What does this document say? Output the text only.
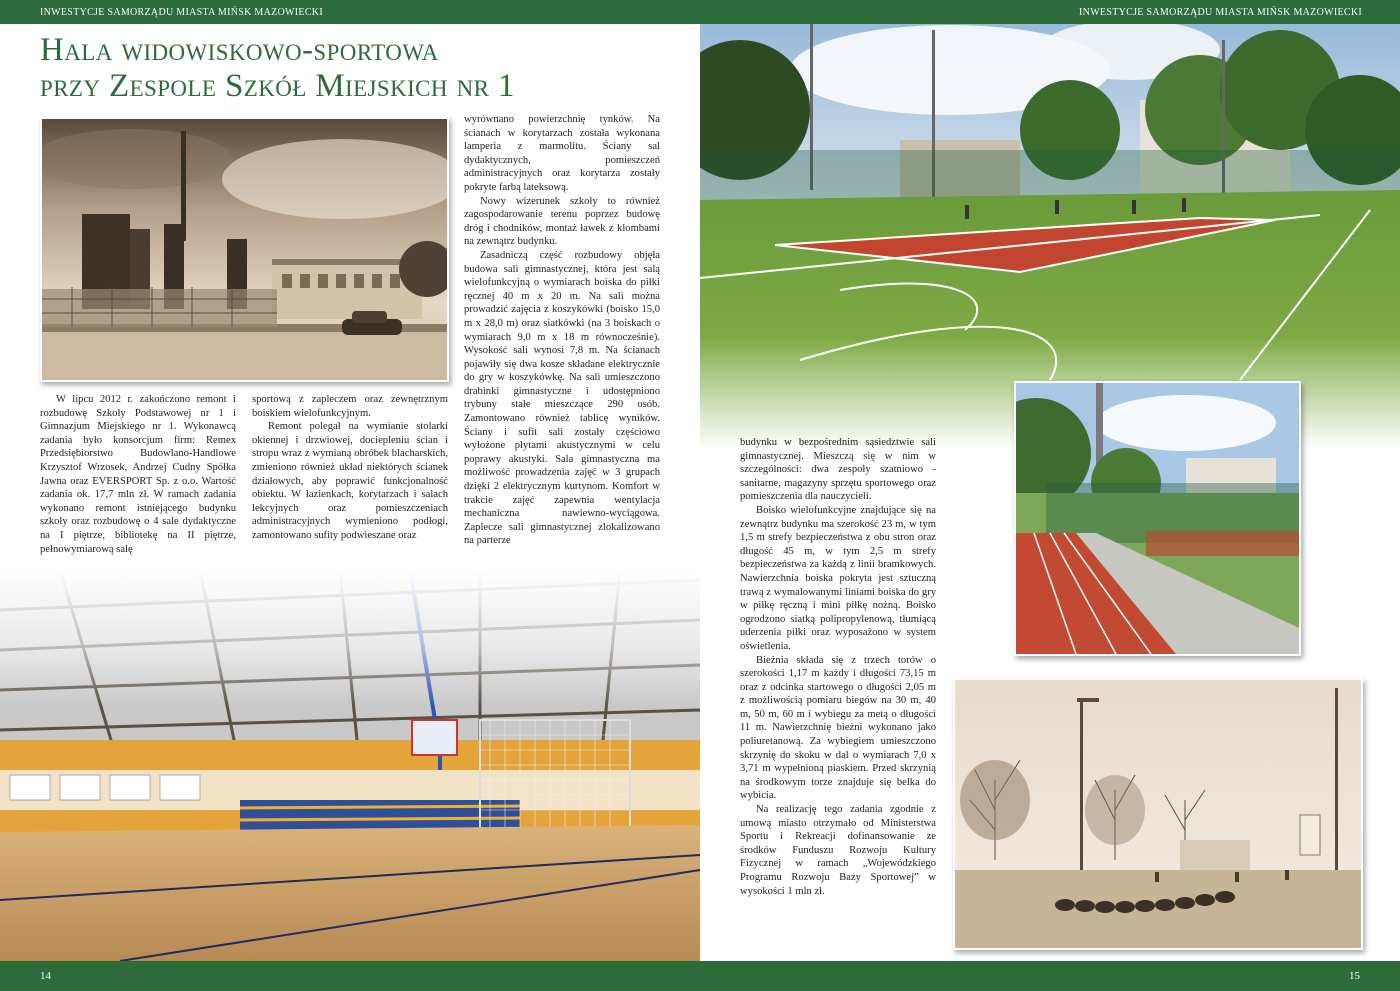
INWESTYCJE SAMORZĄDU MIASTA MIŃSK MAZOWIECKI
Hala widowiskowo-sportowa
przy Zespole Szkół Miejskich nr 1

W lipcu 2012 r. zakończono remont i rozbudowę Szkoły Podstawowej nr 1 i Gimnazjum Miejskiego nr 1. Wykonawcą zadania było konsorcjum firm: Remex Przedsiębiorstwo Budowlano-Handlowe Krzysztof Wrzosek, Andrzej Cudny Spółka Jawna oraz EVERSPORT Sp. z o.o. Wartość zadania ok. 17,7 mln zł. W ramach zadania wykonano remont istniejącego budynku szkoły oraz rozbudowę o 4 sale dydaktyczne na I piętrze, bibliotekę na II piętrze, pełnowymiarową salę

sportową z zapleczem oraz zewnętrznym boiskiem wielofunkcyjnym.

Remont polegał na wymianie stolarki okiennej i drzwiowej, dociepleniu ścian i stropu wraz z wymianą obróbek blacharskich, zmieniono również układ niektórych ścianek działowych, aby poprawić funkcjonalność obiektu. W łazienkach, korytarzach i salach lekcyjnych oraz pomieszczeniach administracyjnych wymieniono podłogi, zamontowano sufity podwieszane oraz

wyrównano powierzchnię tynków. Na ścianach w korytarzach została wykonana lamperia z marmolitu. Ściany sal dydaktycznych, pomieszczeń administracyjnych oraz korytarza zostały pokryte farbą lateksową.

Nowy wizerunek szkoły to również zagospodarowanie terenu poprzez budowę dróg i chodników, montaż ławek z klombami na zewnątrz budynku.

Zasadniczą część rozbudowy objęła budowa sali gimnastycznej, która jest salą wielofunkcyjną o wymiarach boiska do piłki ręcznej 40 m x 20 m. Na sali można prowadzić zajęcia z koszykówki (boisko 15,0 m x 28,0 m) oraz siatkówki (na 3 boiskach o wymiarach 9,0 m x 18 m równocześnie). Wysokość sali wynosi 7,8 m. Na ścianach pojawiły się dwa kosze składane elektrycznie do gry w koszykówkę. Na sali umieszczono drabinki gimnastyczne i udostępniono trybuny stałe mieszczące 290 osób. Zamontowano również tablicę wyników. Ściany i sufit sali zostały częściowo wyłożone płytami akustycznymi w celu poprawy akustyki. Sala gimnastyczna ma możliwość prowadzenia zajęć w 3 grupach dzięki 2 elektrycznym kurtynom. Komfort w trakcie zajęć zapewnia wentylacja mechaniczna nawiewno-wyciągowa. Zaplecze sali gimnastycznej zlokalizowano na parterze

14
INWESTYCJE SAMORZĄDU MIASTA MIŃSK MAZOWIECKI

budynku w bezpośrednim sąsiedztwie sali gimnastycznej. Mieszczą się w nim w szczególności: dwa zespoły szatniowo - sanitarne, magazyny sprzętu sportowego oraz pomieszczenia dla nauczycieli.

Boisko wielofunkcyjne znajdujące się na zewnątrz budynku ma szerokość 23 m, w tym 1,5 m strefy bezpieczeństwa z obu stron oraz długość 45 m, w tym 2,5 m strefy bezpieczeństwa za każdą z linii bramkowych. Nawierzchnia boiska pokryta jest sztuczną trawą z wymalowanymi liniami boiska do gry w piłkę ręczną i mini piłkę nożną. Boisko ogrodzono siatką polipropylenową, tłumiącą uderzenia piłki oraz wyposażono w system oświetlenia.

Bieżnia składa się z trzech torów o szerokości 1,17 m każdy i długości 73,15 m oraz z odcinka startowego o długości 2,05 m z możliwością pomiaru biegów na 30 m, 40 m, 50 m, 60 m i wybiegu za metą o długości 11 m. Nawierzchnię bieżni wykonano jako poliuretanową. Za wybiegiem umieszczono skrzynię do skoku w dal o wymiarach 7,0 x 3,71 m wypełnioną piaskiem. Przed skrzynią na środkowym torze znajduje się belka do wybicia.

Na realizację tego zadania zgodnie z umową miasto otrzymało od Ministerstwa Sportu i Rekreacji dofinansowanie ze środków Funduszu Rozwoju Kultury Fizycznej w ramach „Wojewódzkiego Programu Rozwoju Bazy Sportowej” w wysokości 1 mln zł.

15
